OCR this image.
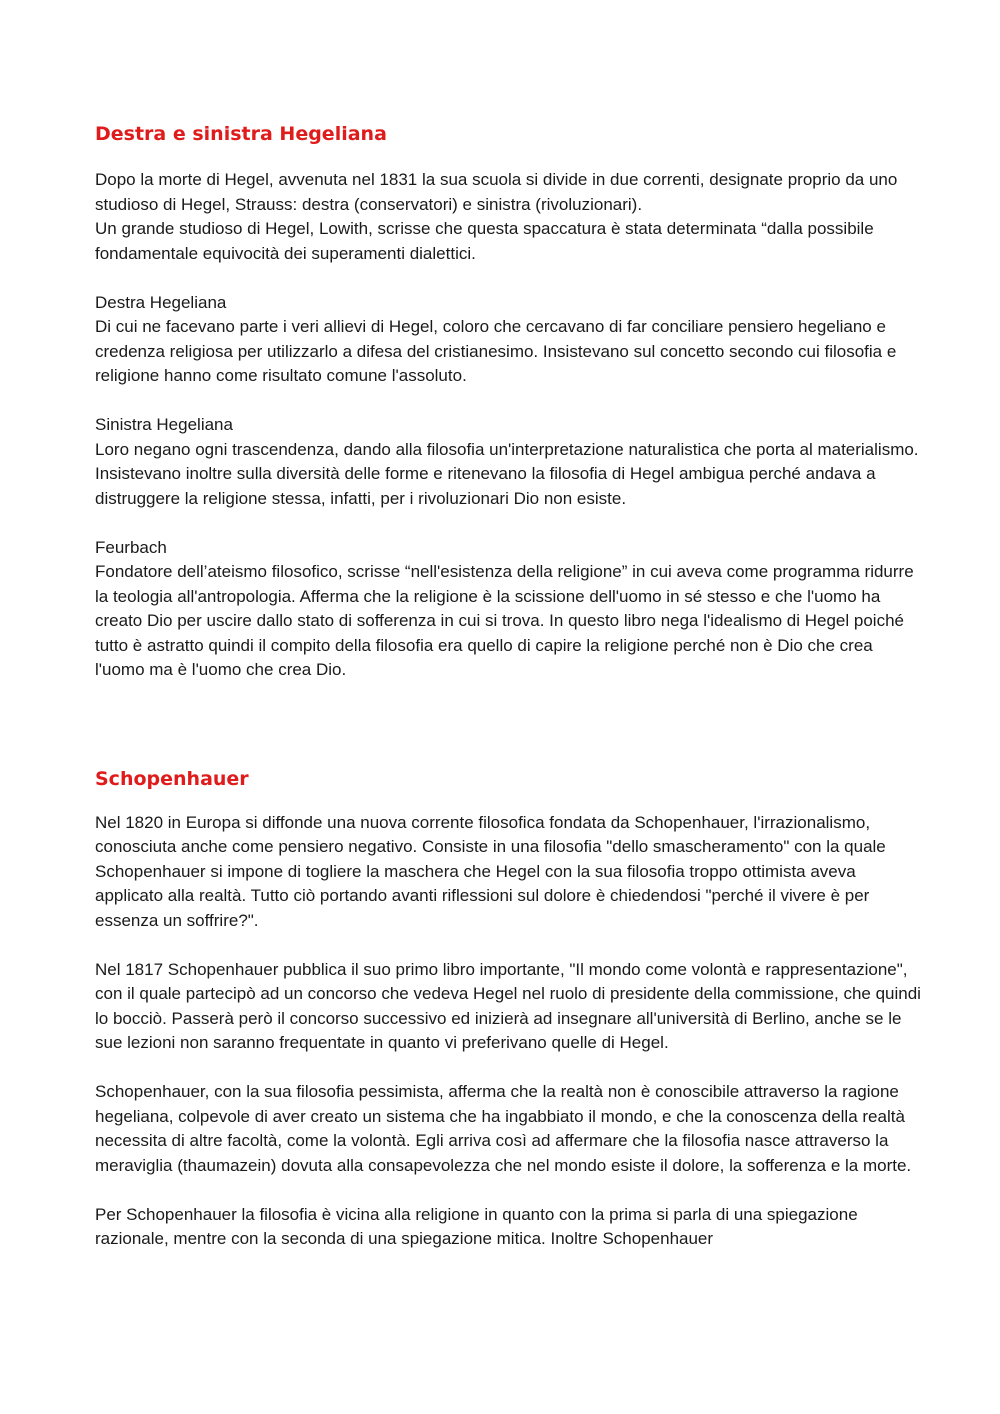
Destra e sinistra Hegeliana

Dopo la morte di Hegel, avvenuta nel 1831 la sua scuola si divide in due correnti, designate proprio da uno studioso di Hegel, Strauss: destra (conservatori) e sinistra (rivoluzionari).

Un grande studioso di Hegel, Lowith, scrisse che questa spaccatura è stata determinata “dalla possibile fondamentale equivocità dei superamenti dialettici.

Destra Hegeliana

Di cui ne facevano parte i veri allievi di Hegel, coloro che cercavano di far conciliare pensiero hegeliano e credenza religiosa per utilizzarlo a difesa del cristianesimo. Insistevano sul concetto secondo cui filosofia e religione hanno come risultato comune l'assoluto.

Sinistra Hegeliana

Loro negano ogni trascendenza, dando alla filosofia un'interpretazione naturalistica che porta al materialismo. Insistevano inoltre sulla diversità delle forme e ritenevano la filosofia di Hegel ambigua perché andava a distruggere la religione stessa, infatti, per i rivoluzionari Dio non esiste.

Feurbach

Fondatore dell’ateismo filosofico, scrisse “nell'esistenza della religione” in cui aveva come programma ridurre la teologia all'antropologia. Afferma che la religione è la scissione dell'uomo in sé stesso e che l'uomo ha creato Dio per uscire dallo stato di sofferenza in cui si trova. In questo libro nega l'idealismo di Hegel poiché tutto è astratto quindi il compito della filosofia era quello di capire la religione perché non è Dio che crea l'uomo ma è l'uomo che crea Dio.

Schopenhauer

Nel 1820 in Europa si diffonde una nuova corrente filosofica fondata da Schopenhauer, l'irrazionalismo, conosciuta anche come pensiero negativo. Consiste in una filosofia "dello smascheramento" con la quale Schopenhauer si impone di togliere la maschera che Hegel con la sua filosofia troppo ottimista aveva applicato alla realtà. Tutto ciò portando avanti riflessioni sul dolore è chiedendosi "perché il vivere è per essenza un soffrire?".

Nel 1817 Schopenhauer pubblica il suo primo libro importante, "Il mondo come volontà e rappresentazione", con il quale partecipò ad un concorso che vedeva Hegel nel ruolo di presidente della commissione, che quindi lo bocciò. Passerà però il concorso successivo ed inizierà ad insegnare all'università di Berlino, anche se le sue lezioni non saranno frequentate in quanto vi preferivano quelle di Hegel.

Schopenhauer, con la sua filosofia pessimista, afferma che la realtà non è conoscibile attraverso la ragione hegeliana, colpevole di aver creato un sistema che ha ingabbiato il mondo, e che la conoscenza della realtà necessita di altre facoltà, come la volontà. Egli arriva così ad affermare che la filosofia nasce attraverso la meraviglia (thaumazein) dovuta alla consapevolezza che nel mondo esiste il dolore, la sofferenza e la morte.

Per Schopenhauer la filosofia è vicina alla religione in quanto con la prima si parla di una spiegazione razionale, mentre con la seconda di una spiegazione mitica. Inoltre Schopenhauer
